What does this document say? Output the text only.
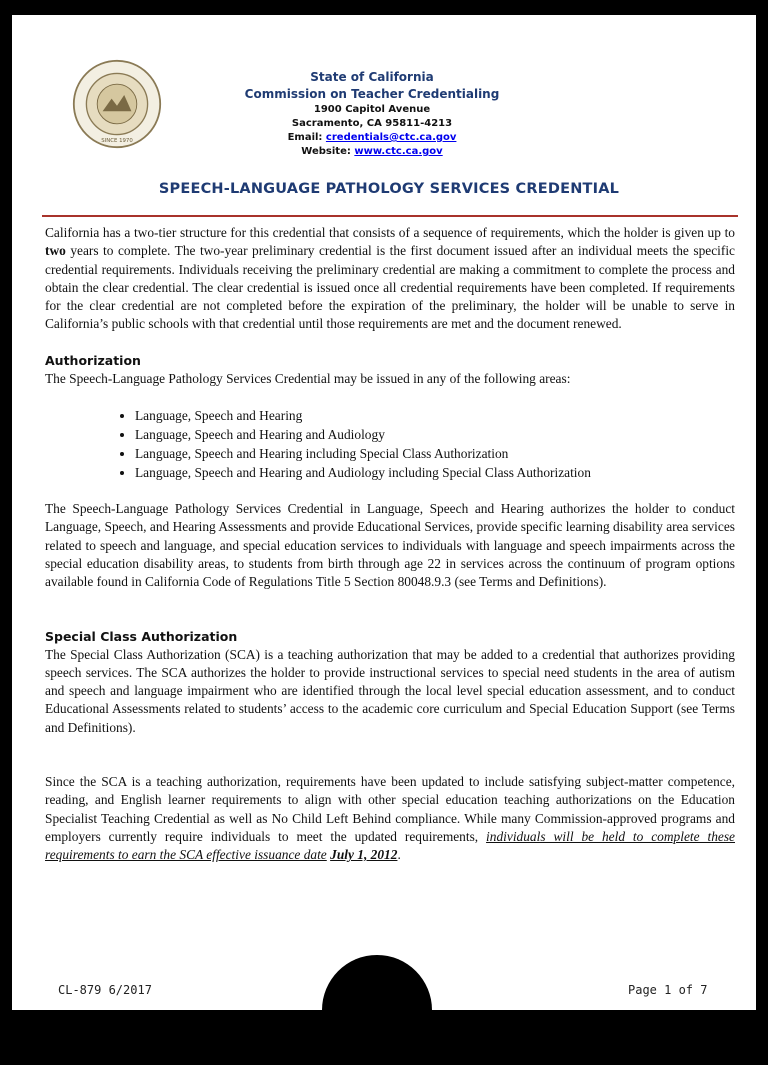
SINCE 1970
State of California
Commission on Teacher Credentialing
1900 Capitol Avenue
Sacramento, CA 95811-4213
Email: credentials@ctc.ca.gov
Website: www.ctc.ca.gov
SPEECH-LANGUAGE PATHOLOGY SERVICES CREDENTIAL

California has a two-tier structure for this credential that consists of a sequence of requirements, which the holder is given up to two years to complete. The two-year preliminary credential is the first document issued after an individual meets the specific credential requirements. Individuals receiving the preliminary credential are making a commitment to complete the process and obtain the clear credential. The clear credential is issued once all credential requirements have been completed. If requirements for the clear credential are not completed before the expiration of the preliminary, the holder will be unable to serve in California’s public schools with that credential until those requirements are met and the document renewed.

Authorization

The Speech-Language Pathology Services Credential may be issued in any of the following areas:

• Language, Speech and Hearing
• Language, Speech and Hearing and Audiology
• Language, Speech and Hearing including Special Class Authorization
• Language, Speech and Hearing and Audiology including Special Class Authorization

The Speech-Language Pathology Services Credential in Language, Speech and Hearing authorizes the holder to conduct Language, Speech, and Hearing Assessments and provide Educational Services, provide specific learning disability area services related to speech and language, and special education services to individuals with language and speech impairments across the special education disability areas, to students from birth through age 22 in services across the continuum of program options available found in California Code of Regulations Title 5 Section 80048.9.3 (see Terms and Definitions).

Special Class Authorization

The Special Class Authorization (SCA) is a teaching authorization that may be added to a credential that authorizes providing speech services. The SCA authorizes the holder to provide instructional services to special need students in the area of autism and speech and language impairment who are identified through the local level special education assessment, and to conduct Educational Assessments related to students’ access to the academic core curriculum and Special Education Support (see Terms and Definitions).

Since the SCA is a teaching authorization, requirements have been updated to include satisfying subject-matter competence, reading, and English learner requirements to align with other special education teaching authorizations on the Education Specialist Teaching Credential as well as No Child Left Behind compliance. While many Commission-approved programs and employers currently require individuals to meet the updated requirements, individuals will be held to complete these requirements to earn the SCA effective issuance date July 1, 2012.

CL-879 6/2017	Page 1 of 7
